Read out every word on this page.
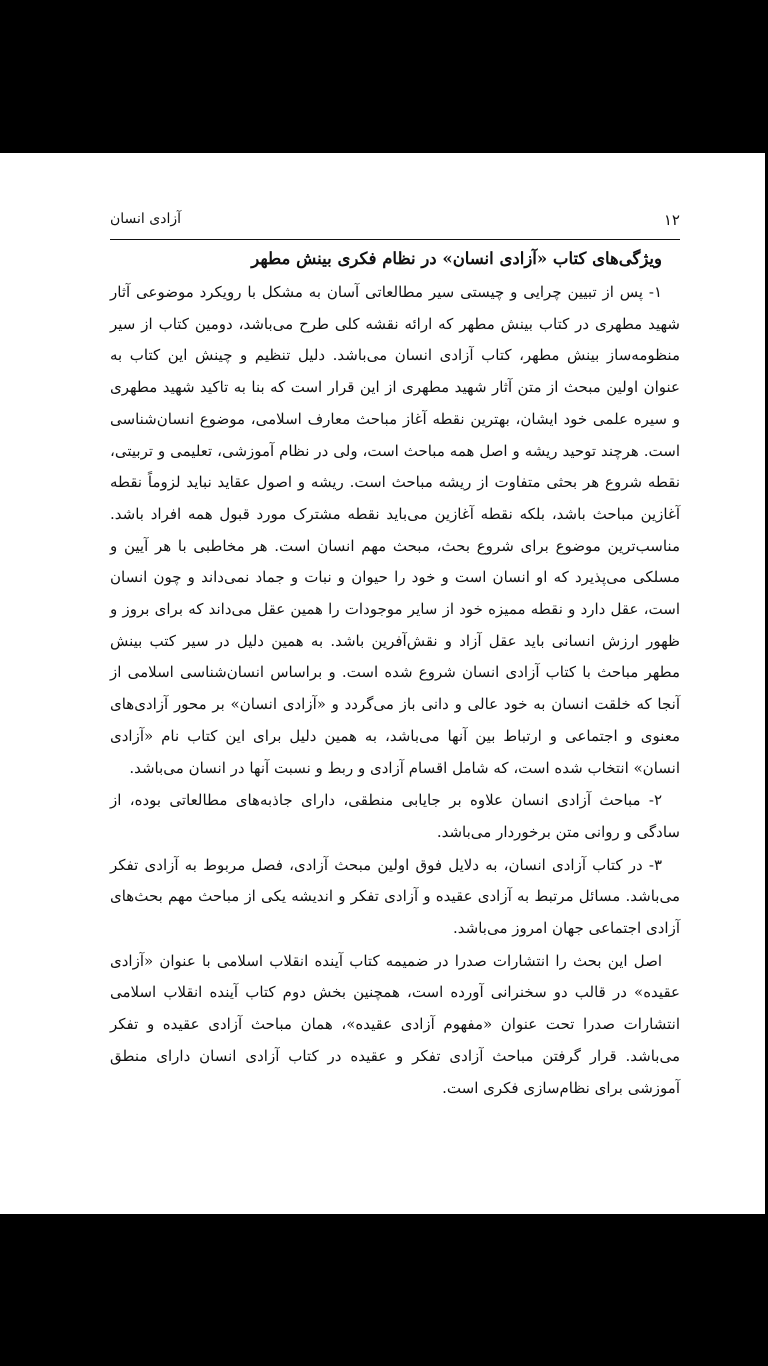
۱۲
آزادی انسان
ویژگی‌های کتاب «آزادی انسان» در نظام فکری بینش مطهر

۱- پس از تبیین چرایی و چیستی سیر مطالعاتی آسان به مشکل با رویکرد موضوعی آثار شهید مطهری در کتاب بینش مطهر که ارائه نقشه کلی طرح می‌باشد، دومین کتاب از سیر منظومه‌ساز بینش مطهر، کتاب آزادی انسان می‌باشد. دلیل تنظیم و چینش این کتاب به عنوان اولین مبحث از متن آثار شهید مطهری از این قرار است که بنا به تاکید شهید مطهری و سیره علمی خود ایشان، بهترین نقطه آغاز مباحث معارف اسلامی، موضوع انسان‌شناسی است. هرچند توحید ریشه و اصل همه مباحث است، ولی در نظام آموزشی، تعلیمی و تربیتی، نقطه شروع هر بحثی متفاوت از ریشه مباحث است. ریشه و اصول عقاید نباید لزوماً نقطه آغازین مباحث باشد، بلکه نقطه آغازین می‌باید نقطه مشترک مورد قبول همه افراد باشد. مناسب‌ترین موضوع برای شروع بحث، مبحث مهم انسان است. هر مخاطبی با هر آیین و مسلکی می‌پذیرد که او انسان است و خود را حیوان و نبات و جماد نمی‌داند و چون انسان است، عقل دارد و نقطه ممیزه خود از سایر موجودات را همین عقل می‌داند که برای بروز و ظهور ارزش انسانی باید عقل آزاد و نقش‌آفرین باشد. به همین دلیل در سیر کتب بینش مطهر مباحث با کتاب آزادی انسان شروع شده است. و براساس انسان‌شناسی اسلامی از آنجا که خلقت انسان به خود عالی و دانی باز می‌گردد و «آزادی انسان» بر محور آزادی‌های معنوی و اجتماعی و ارتباط بین آنها می‌باشد، به همین دلیل برای این کتاب نام «آزادی انسان» انتخاب شده است، که شامل اقسام آزادی و ربط و نسبت آنها در انسان می‌باشد.

۲- مباحث آزادی انسان علاوه بر جایابی منطقی، دارای جاذبه‌های مطالعاتی بوده، از سادگی و روانی متن برخوردار می‌باشد.

۳- در کتاب آزادی انسان، به دلایل فوق اولین مبحث آزادی، فصل مربوط به آزادی تفکر می‌باشد. مسائل مرتبط به آزادی عقیده و آزادی تفکر و اندیشه یکی از مباحث مهم بحث‌های آزادی اجتماعی جهان امروز می‌باشد.

اصل این بحث را انتشارات صدرا در ضمیمه کتاب آینده انقلاب اسلامی با عنوان «آزادی عقیده» در قالب دو سخنرانی آورده است، همچنین بخش دوم کتاب آینده انقلاب اسلامی انتشارات صدرا تحت عنوان «مفهوم آزادی عقیده»، همان مباحث آزادی عقیده و تفکر می‌باشد. قرار گرفتن مباحث آزادی تفکر و عقیده در کتاب آزادی انسان دارای منطق آموزشی برای نظام‌سازی فکری است.
